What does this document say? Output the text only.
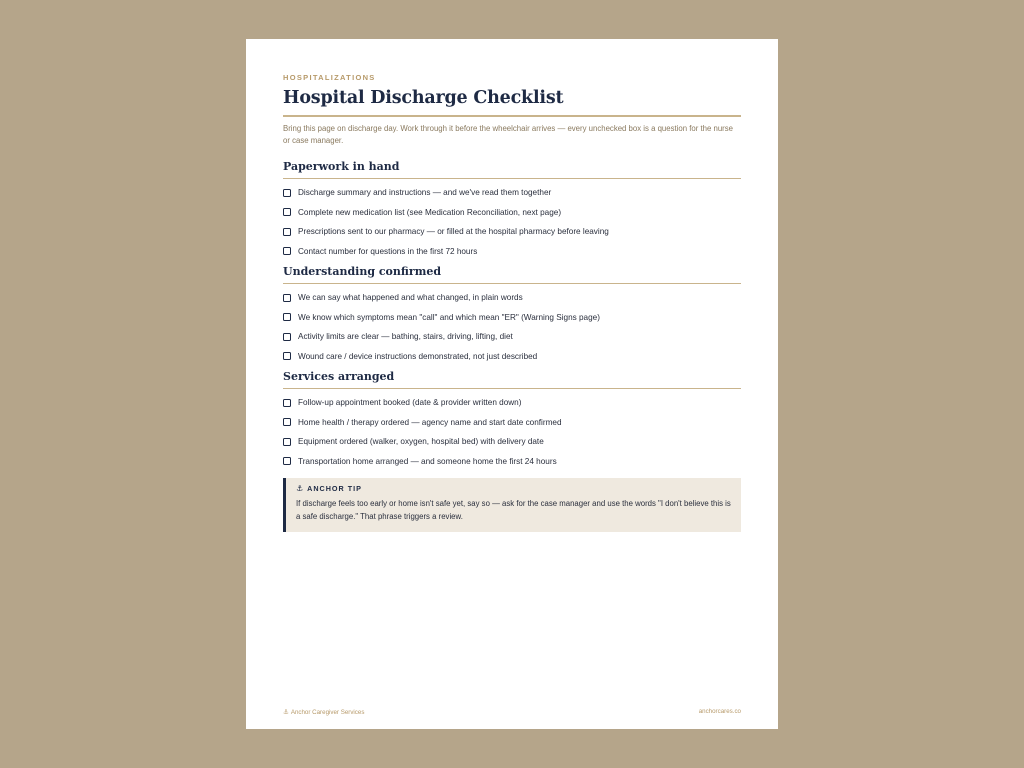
HOSPITALIZATIONS
Hospital Discharge Checklist

Bring this page on discharge day. Work through it before the wheelchair arrives — every unchecked box is a question for the nurse or case manager.

Paperwork in hand
Discharge summary and instructions — and we've read them together
Complete new medication list (see Medication Reconciliation, next page)
Prescriptions sent to our pharmacy — or filled at the hospital pharmacy before leaving
Contact number for questions in the first 72 hours
Understanding confirmed
We can say what happened and what changed, in plain words
We know which symptoms mean "call" and which mean "ER" (Warning Signs page)
Activity limits are clear — bathing, stairs, driving, lifting, diet
Wound care / device instructions demonstrated, not just described
Services arranged
Follow-up appointment booked (date & provider written down)
Home health / therapy ordered — agency name and start date confirmed
Equipment ordered (walker, oxygen, hospital bed) with delivery date
Transportation home arranged — and someone home the first 24 hours
⚓ ANCHOR TIP
If discharge feels too early or home isn't safe yet, say so — ask for the case manager and use the words "I don't believe this is a safe discharge." That phrase triggers a review.
⚓ Anchor Caregiver Services	anchorcares.co
